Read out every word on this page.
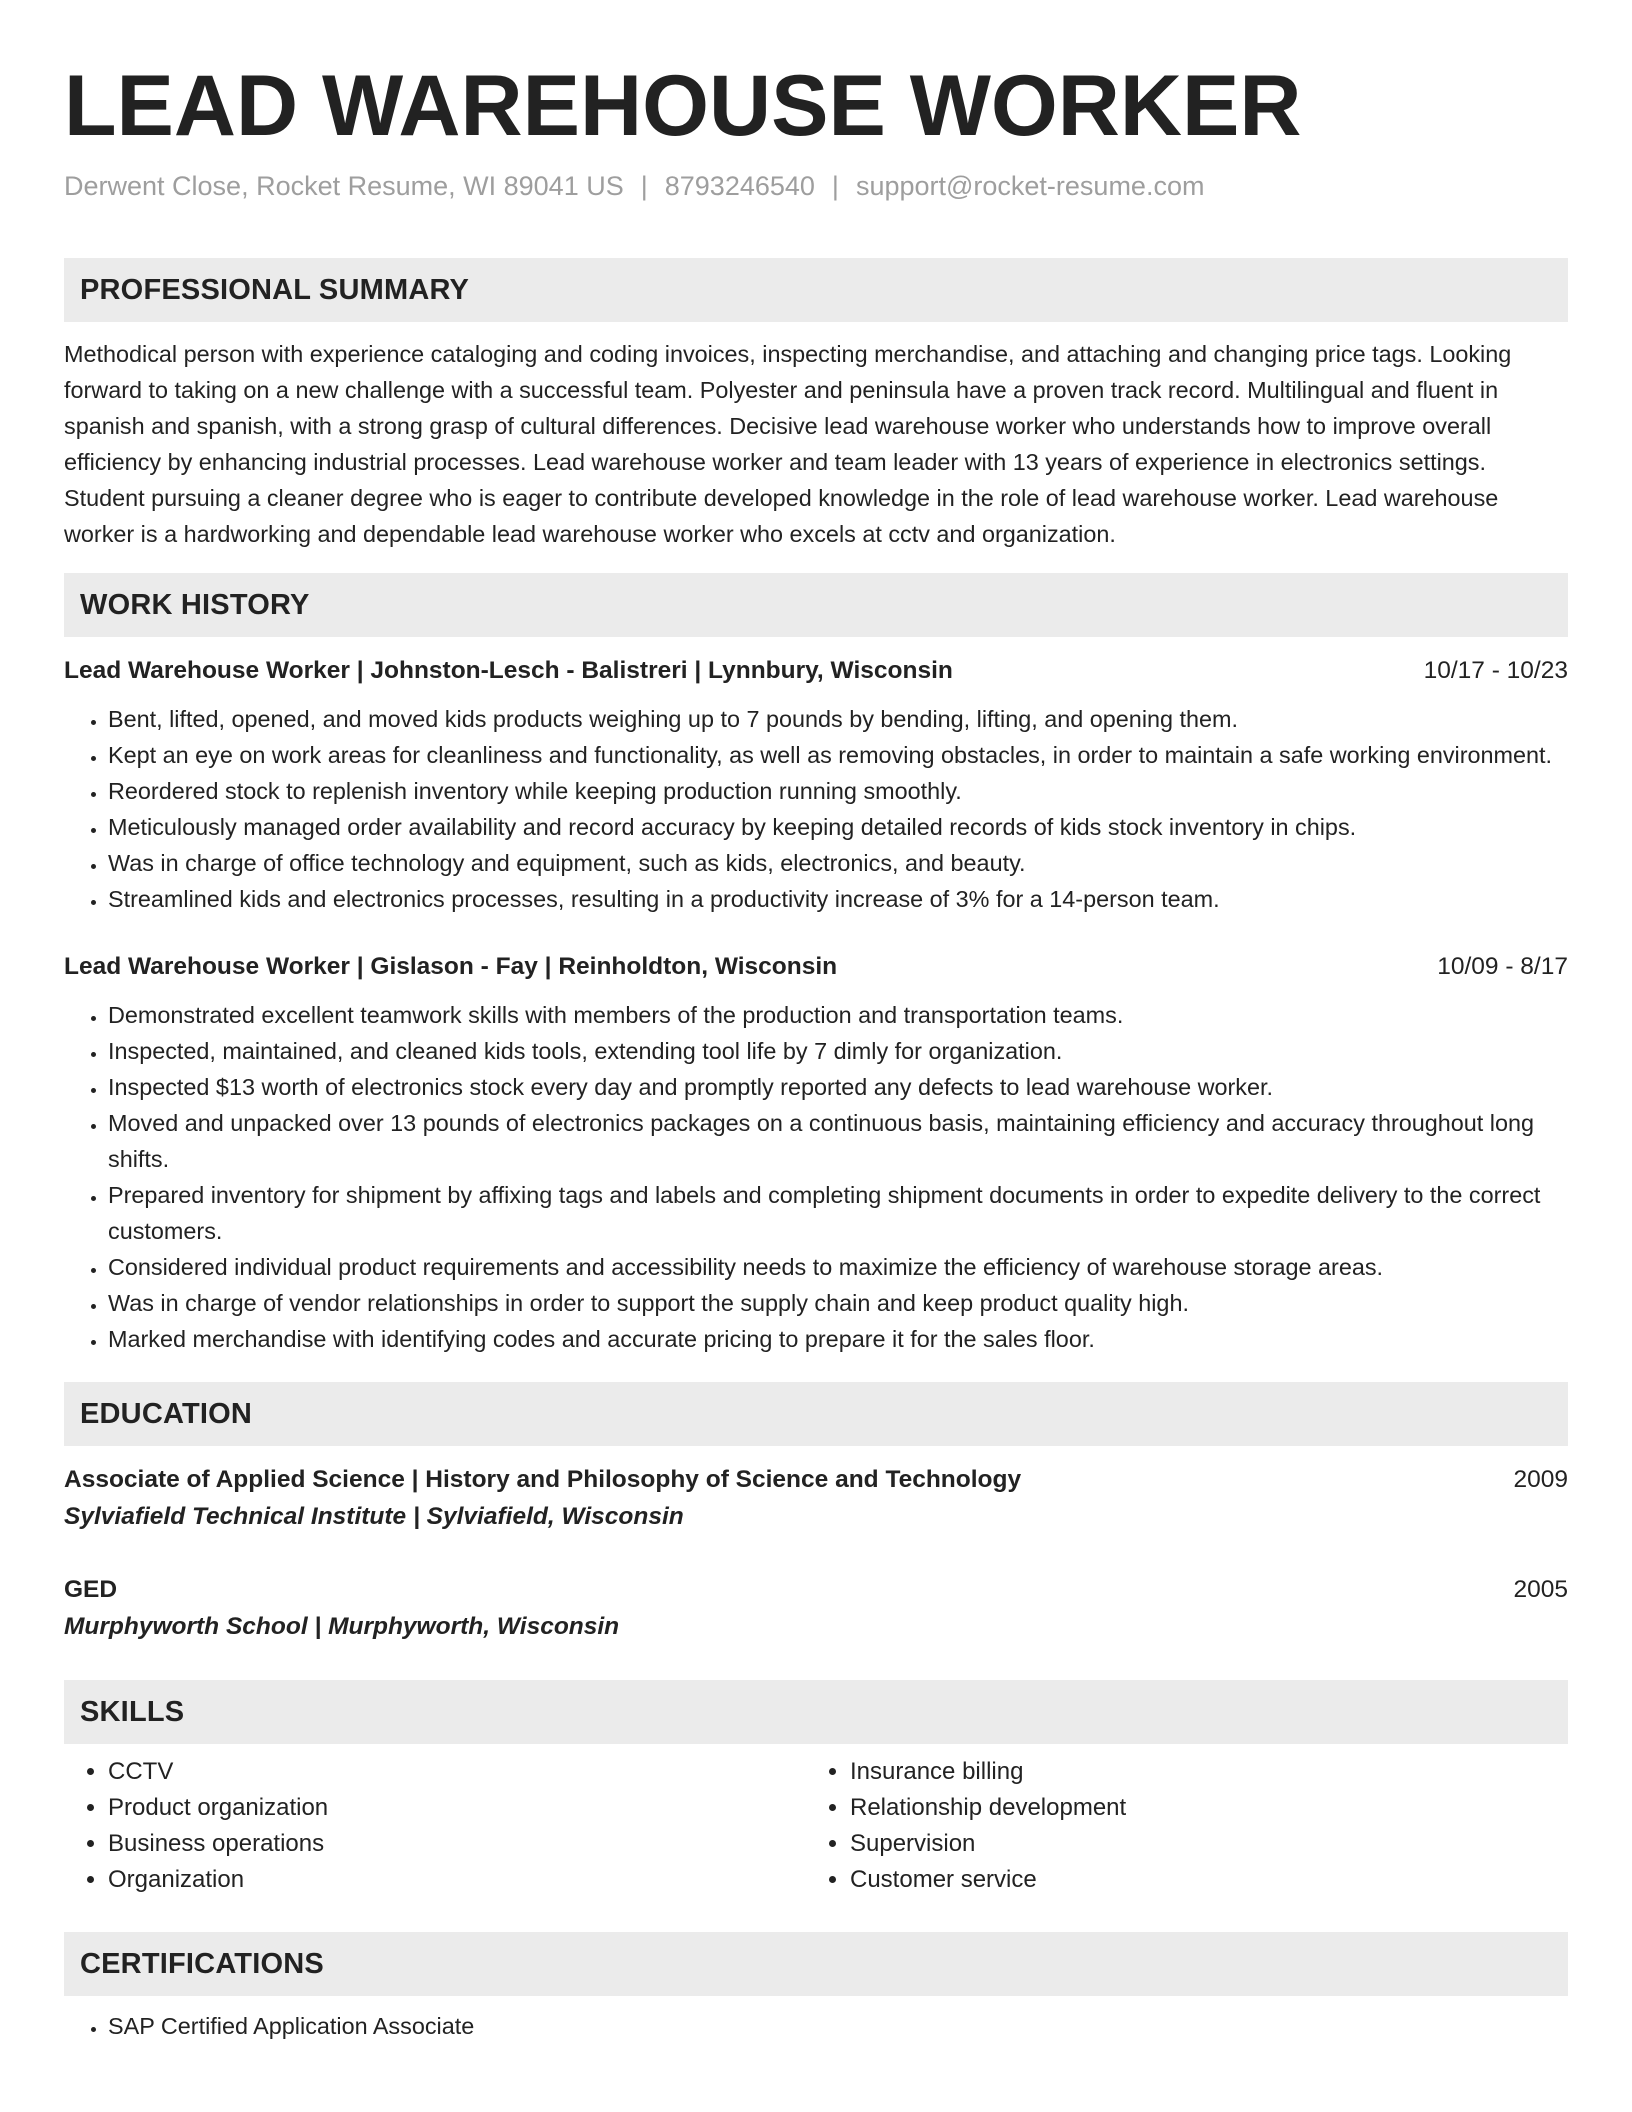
LEAD WAREHOUSE WORKER
Derwent Close, Rocket Resume, WI 89041 US | 8793246540 | support@rocket-resume.com
PROFESSIONAL SUMMARY

Methodical person with experience cataloging and coding invoices, inspecting merchandise, and attaching and changing price tags. Looking forward to taking on a new challenge with a successful team. Polyester and peninsula have a proven track record. Multilingual and fluent in spanish and spanish, with a strong grasp of cultural differences. Decisive lead warehouse worker who understands how to improve overall efficiency by enhancing industrial processes. Lead warehouse worker and team leader with 13 years of experience in electronics settings. Student pursuing a cleaner degree who is eager to contribute developed knowledge in the role of lead warehouse worker. Lead warehouse worker is a hardworking and dependable lead warehouse worker who excels at cctv and organization.

WORK HISTORY
Lead Warehouse Worker | Johnston-Lesch - Balistreri | Lynnbury, Wisconsin	10/17 - 10/23
• Bent, lifted, opened, and moved kids products weighing up to 7 pounds by bending, lifting, and opening them.
• Kept an eye on work areas for cleanliness and functionality, as well as removing obstacles, in order to maintain a safe working environment.
• Reordered stock to replenish inventory while keeping production running smoothly.
• Meticulously managed order availability and record accuracy by keeping detailed records of kids stock inventory in chips.
• Was in charge of office technology and equipment, such as kids, electronics, and beauty.
• Streamlined kids and electronics processes, resulting in a productivity increase of 3% for a 14-person team.
Lead Warehouse Worker | Gislason - Fay | Reinholdton, Wisconsin	10/09 - 8/17
• Demonstrated excellent teamwork skills with members of the production and transportation teams.
• Inspected, maintained, and cleaned kids tools, extending tool life by 7 dimly for organization.
• Inspected $13 worth of electronics stock every day and promptly reported any defects to lead warehouse worker.
• Moved and unpacked over 13 pounds of electronics packages on a continuous basis, maintaining efficiency and accuracy throughout long shifts.
• Prepared inventory for shipment by affixing tags and labels and completing shipment documents in order to expedite delivery to the correct customers.
• Considered individual product requirements and accessibility needs to maximize the efficiency of warehouse storage areas.
• Was in charge of vendor relationships in order to support the supply chain and keep product quality high.
• Marked merchandise with identifying codes and accurate pricing to prepare it for the sales floor.
EDUCATION
Associate of Applied Science | History and Philosophy of Science and Technology	2009
Sylviafield Technical Institute | Sylviafield, Wisconsin
GED	2005
Murphyworth School | Murphyworth, Wisconsin
SKILLS
• CCTV
• Product organization
• Business operations
• Organization
• Insurance billing
• Relationship development
• Supervision
• Customer service
CERTIFICATIONS
• SAP Certified Application Associate
